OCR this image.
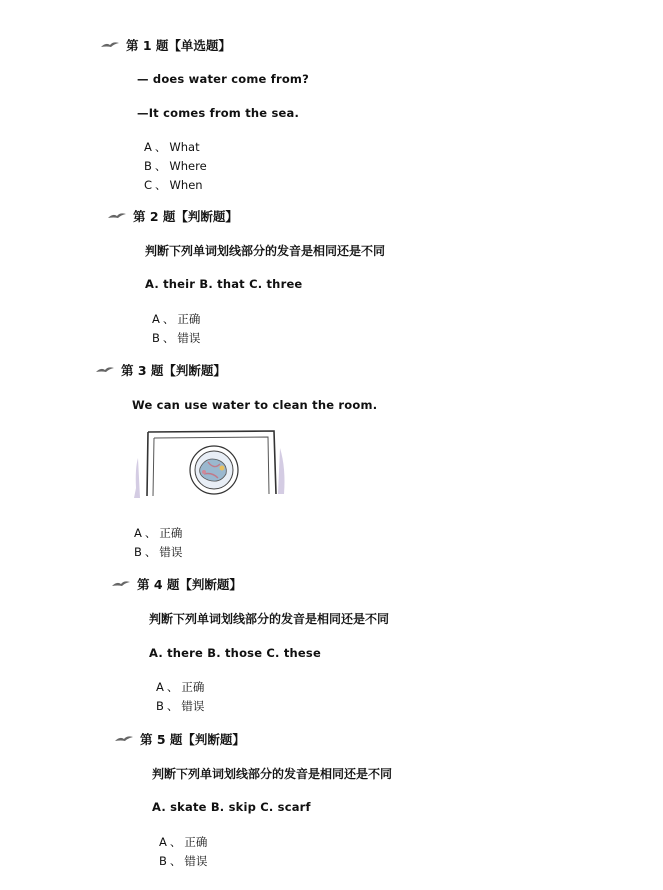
第 1 题【单选题】
— does water come from?
—It comes from the sea.
A 、 What
B 、 Where
C 、 When
第 2 题【判断题】
判断下列单词划线部分的发音是相同还是不同
A. their B. that C. three
A 、 正确
B 、 错误
第 3 题【判断题】
We can use water to clean the room.
A 、 正确
B 、 错误
第 4 题【判断题】
判断下列单词划线部分的发音是相同还是不同
A. there B. those C. these
A 、 正确
B 、 错误
第 5 题【判断题】
判断下列单词划线部分的发音是相同还是不同
A. skate B. skip C. scarf
A 、 正确
B 、 错误
